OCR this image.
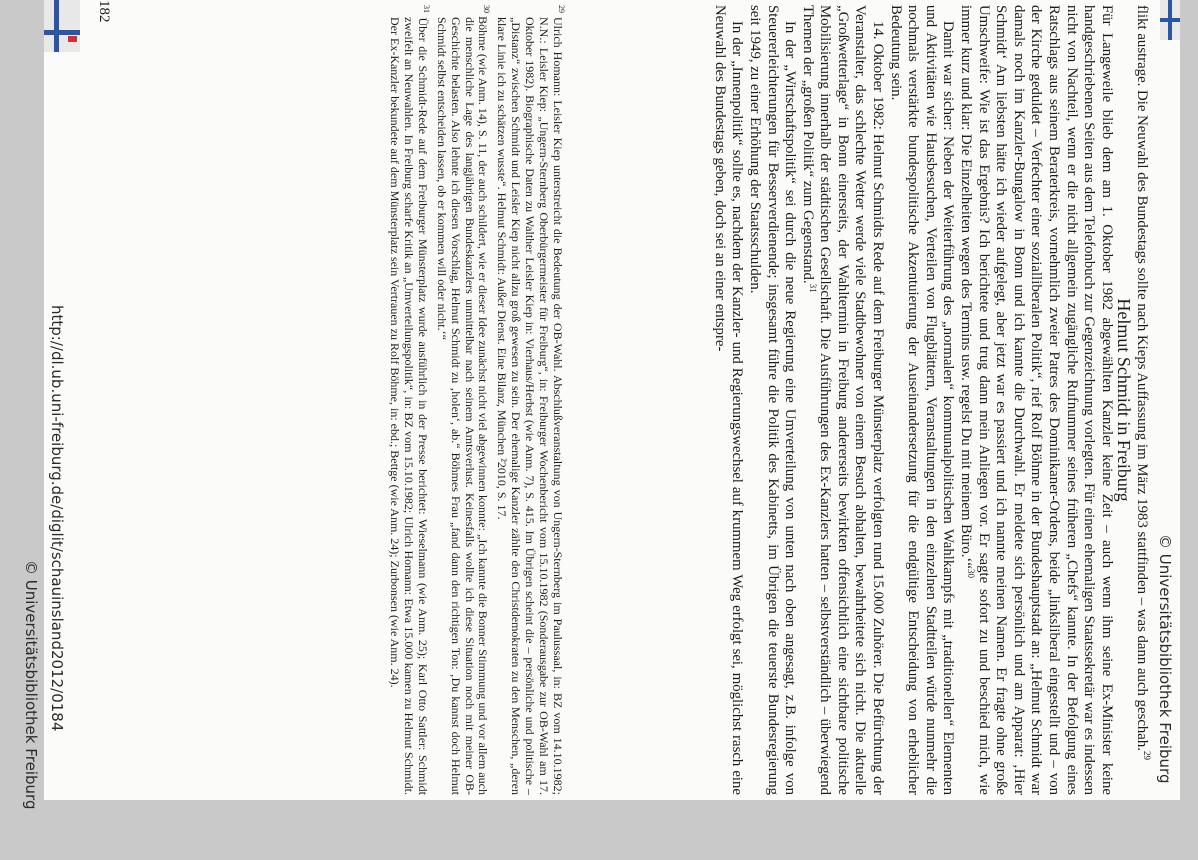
flikt austrage. Die Neuwahl des Bundestags sollte nach Kieps Auffassung im März 1983 stattfinden – was dann auch geschah.$^{29}$

Helmut Schmidt in Freiburg

Für Langeweile blieb dem am 1. Oktober 1982 abgewählten Kanzler keine Zeit – auch wenn ihm seine Ex-Minister keine handgeschriebenen Seiten aus dem Telefonbuch zur Gegenzeichnung vorlegten. Für einen ehemaligen Staatssekretär war es indessen nicht von Nachteil, wenn er die nicht allgemein zugängliche Rufnummer seines früheren „Chefs“ kannte. In der Befolgung eines Ratschlags aus seinem Beraterkreis, vornehmlich zweier Patres des Dominikaner-Ordens, beide „linksliberal eingestellt und – von der Kirche geduldet – Verfechter einer sozialliberalen Politik“, rief Rolf Böhme in der Bundeshauptstadt an: „Helmut Schmidt war damals noch im Kanzler-Bungalow in Bonn und ich kannte die Durchwahl. Er meldete sich persönlich und am Apparat: ‚Hier Schmidt‘ Am liebsten hätte ich wieder aufgelegt, aber jetzt war es passiert und ich nannte meinen Namen. Er fragte ohne große Umschweife: Wie ist das Ergebnis? Ich berichtete und trug dann mein Anliegen vor. Er sagte sofort zu und beschied mich, wie immer kurz und klar: Die Einzelheiten wegen des Termins usw. regelst Du mit meinem Büro.‘“$^{30}$

Damit war sicher: Neben der Weiterführung des „normalen“ kommunalpolitischen Wahlkampfs mit „traditionellen“ Elementen und Aktivitäten wie Hausbesuchen, Verteilen von Flugblättern, Veranstaltungen in den einzelnen Stadtteilen würde nunmehr die nochmals verstärkte bundespolitische Akzentuierung der Auseinandersetzung für die endgültige Entscheidung von erheblicher Bedeutung sein.

14. Oktober 1982: Helmut Schmidts Rede auf dem Freiburger Münsterplatz verfolgten rund 15.000 Zuhörer. Die Befürchtung der Veranstalter, das schlechte Wetter werde viele Stadtbewohner von einem Besuch abhalten, bewahrheitete sich nicht. Die aktuelle „Großwetterlage“ in Bonn einerseits, der Wahltermin in Freiburg andererseits bewirkten offensichtlich eine sichtbare politische Mobilisierung innerhalb der städtischen Gesellschaft. Die Ausführungen des Ex-Kanzlers hatten – selbstverständlich – überwiegend Themen der „großen Politik“ zum Gegenstand.$^{31}$

In der „Wirtschaftspolitik“ sei durch die neue Regierung eine Umverteilung von unten nach oben angesagt, z.B. infolge von Steuererleichterungen für Besserverdienende; insgesamt führe die Politik des Kabinetts, im Übrigen die teuerste Bundesregierung seit 1949, zu einer Erhöhung der Staatsschulden.

In der „Innenpolitik“ sollte es, nachdem der Kanzler- und Regierungswechsel auf krummem Weg erfolgt sei, möglichst rasch eine Neuwahl des Bundestags geben, doch sei an einer entspre-

$^{29}$ Ulrich Homann: Leisler Kiep unterstreicht die Bedeutung der OB-Wahl. Abschlußveranstaltung von Ungern-Sternberg im Paulussaal, in: BZ vom 14.10.1982; N.N.: Leisler Kiep: „Ungern-Sternberg Oberbürgermeister für Freiburg“, in: Freiburger Wochenbericht vom 15.10.1982 (Sonderausgabe zur OB-Wahl am 17. Oktober 1982). Biographische Daten zu Walther Leisler Kiep in: Vierhaus/Herbst (wie Anm. 7), S. 415. Im Übrigen scheint die – persönliche und politische – „Distanz“ zwischen Schmidt und Leisler Kiep nicht allzu groß gewesen zu sein. Der ehemalige Kanzler zählte den Christdemokraten zu den Menschen, „deren klare Linie ich zu schätzen wusste“. Helmut Schmidt: Außer Dienst. Eine Bilanz, München ²2010, S. 17.

$^{30}$ Böhme (wie Anm. 14), S. 11, der auch schildert, wie er dieser Idee zunächst nicht viel abgewinnen konnte: „Ich kannte die Bonner Stimmung und vor allem auch die menschliche Lage des langjährigen Bundeskanzlers unmittelbar nach seinem Amtsverlust. Keinesfalls wollte ich diese Situation noch mit meiner OB-Geschichte belasten. Also lehnte ich diesen Vorschlag, Helmut Schmidt zu ‚holen‘, ab.“ Böhmes Frau „fand dann den richtigen Ton: ‚Du kannst doch Helmut Schmidt selbst entscheiden lassen, ob er kommen will oder nicht.‘“

$^{31}$ Über die Schmidt-Rede auf dem Freiburger Münsterplatz wurde ausführlich in der Presse berichtet: Wieselmann (wie Anm. 25); Karl Otto Sattler: Schmidt zweifelt an Neuwahlen. In Freiburg scharfe Kritik an „Umverteilungspolitik“, in: BZ vom 15.10.1982; Ulrich Homann: Etwa 15.000 kamen zu Helmut Schmidt. Der Ex-Kanzler bekundete auf dem Münsterplatz sein Vertrauen zu Rolf Böhme, in: ebd.; Bettge (wie Anm. 24); Zurbonsen (wie Anm. 24).

182
http://dl.ub.uni-freiburg.de/diglit/schauinsland2012/0184
© Universitätsbibliothek Freiburg	© Universitätsbibliothek Freiburg
